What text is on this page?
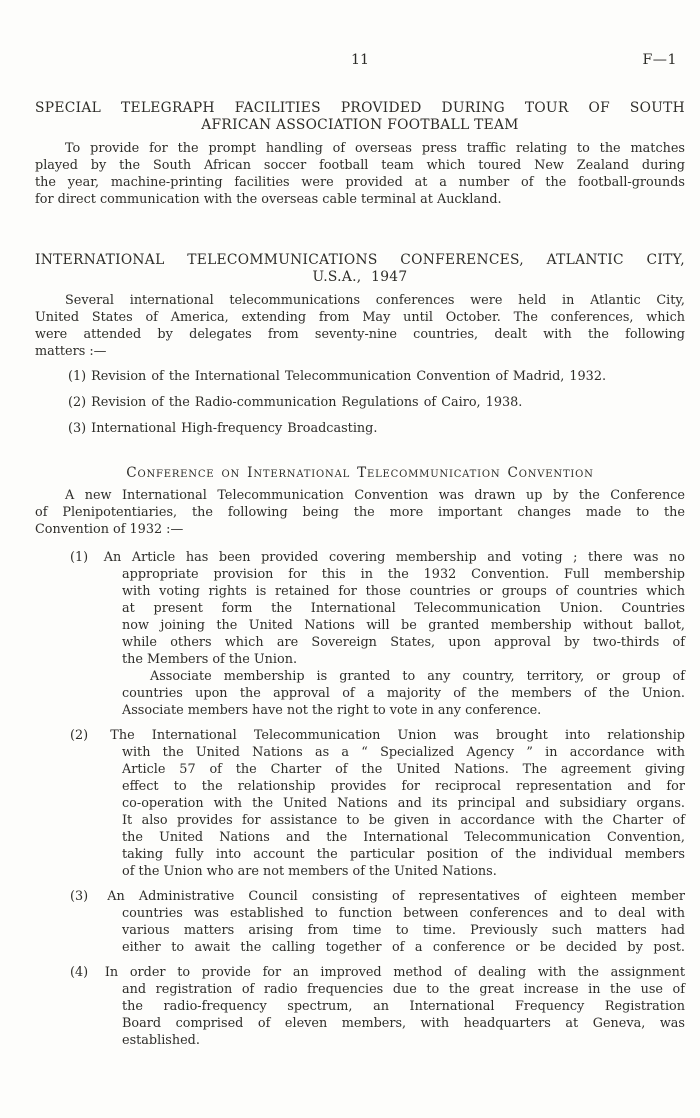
11	F—1
SPECIAL TELEGRAPH FACILITIES PROVIDED DURING TOUR OF SOUTH
AFRICAN ASSOCIATION FOOTBALL TEAM
To provide for the prompt handling of overseas press traffic relating to the matches
played by the South African soccer football team which toured New Zealand during
the year, machine-printing facilities were provided at a number of the football-grounds
for direct communication with the overseas cable terminal at Auckland.
INTERNATIONAL TELECOMMUNICATIONS CONFERENCES, ATLANTIC CITY,
U.S.A., 1947
Several international telecommunications conferences were held in Atlantic City,
United States of America, extending from May until October. The conferences, which
were attended by delegates from seventy-nine countries, dealt with the following
matters :—
(1) Revision of the International Telecommunication Convention of Madrid, 1932.
(2) Revision of the Radio-communication Regulations of Cairo, 1938.
(3) International High-frequency Broadcasting.
Conference on International Telecommunication Convention
A new International Telecommunication Convention was drawn up by the Conference
of Plenipotentiaries, the following being the more important changes made to the
Convention of 1932 :—
(1) An Article has been provided covering membership and voting ; there was no
appropriate provision for this in the 1932 Convention. Full membership
with voting rights is retained for those countries or groups of countries which
at present form the International Telecommunication Union. Countries
now joining the United Nations will be granted membership without ballot,
while others which are Sovereign States, upon approval by two-thirds of
the Members of the Union.
Associate membership is granted to any country, territory, or group of
countries upon the approval of a majority of the members of the Union.
Associate members have not the right to vote in any conference.
(2) The International Telecommunication Union was brought into relationship
with the United Nations as a “ Specialized Agency ” in accordance with
Article 57 of the Charter of the United Nations. The agreement giving
effect to the relationship provides for reciprocal representation and for
co-operation with the United Nations and its principal and subsidiary organs.
It also provides for assistance to be given in accordance with the Charter of
the United Nations and the International Telecommunication Convention,
taking fully into account the particular position of the individual members
of the Union who are not members of the United Nations.
(3) An Administrative Council consisting of representatives of eighteen member
countries was established to function between conferences and to deal with
various matters arising from time to time. Previously such matters had
either to await the calling together of a conference or be decided by post.
(4) In order to provide for an improved method of dealing with the assignment
and registration of radio frequencies due to the great increase in the use of
the radio-frequency spectrum, an International Frequency Registration
Board comprised of eleven members, with headquarters at Geneva, was
established.
